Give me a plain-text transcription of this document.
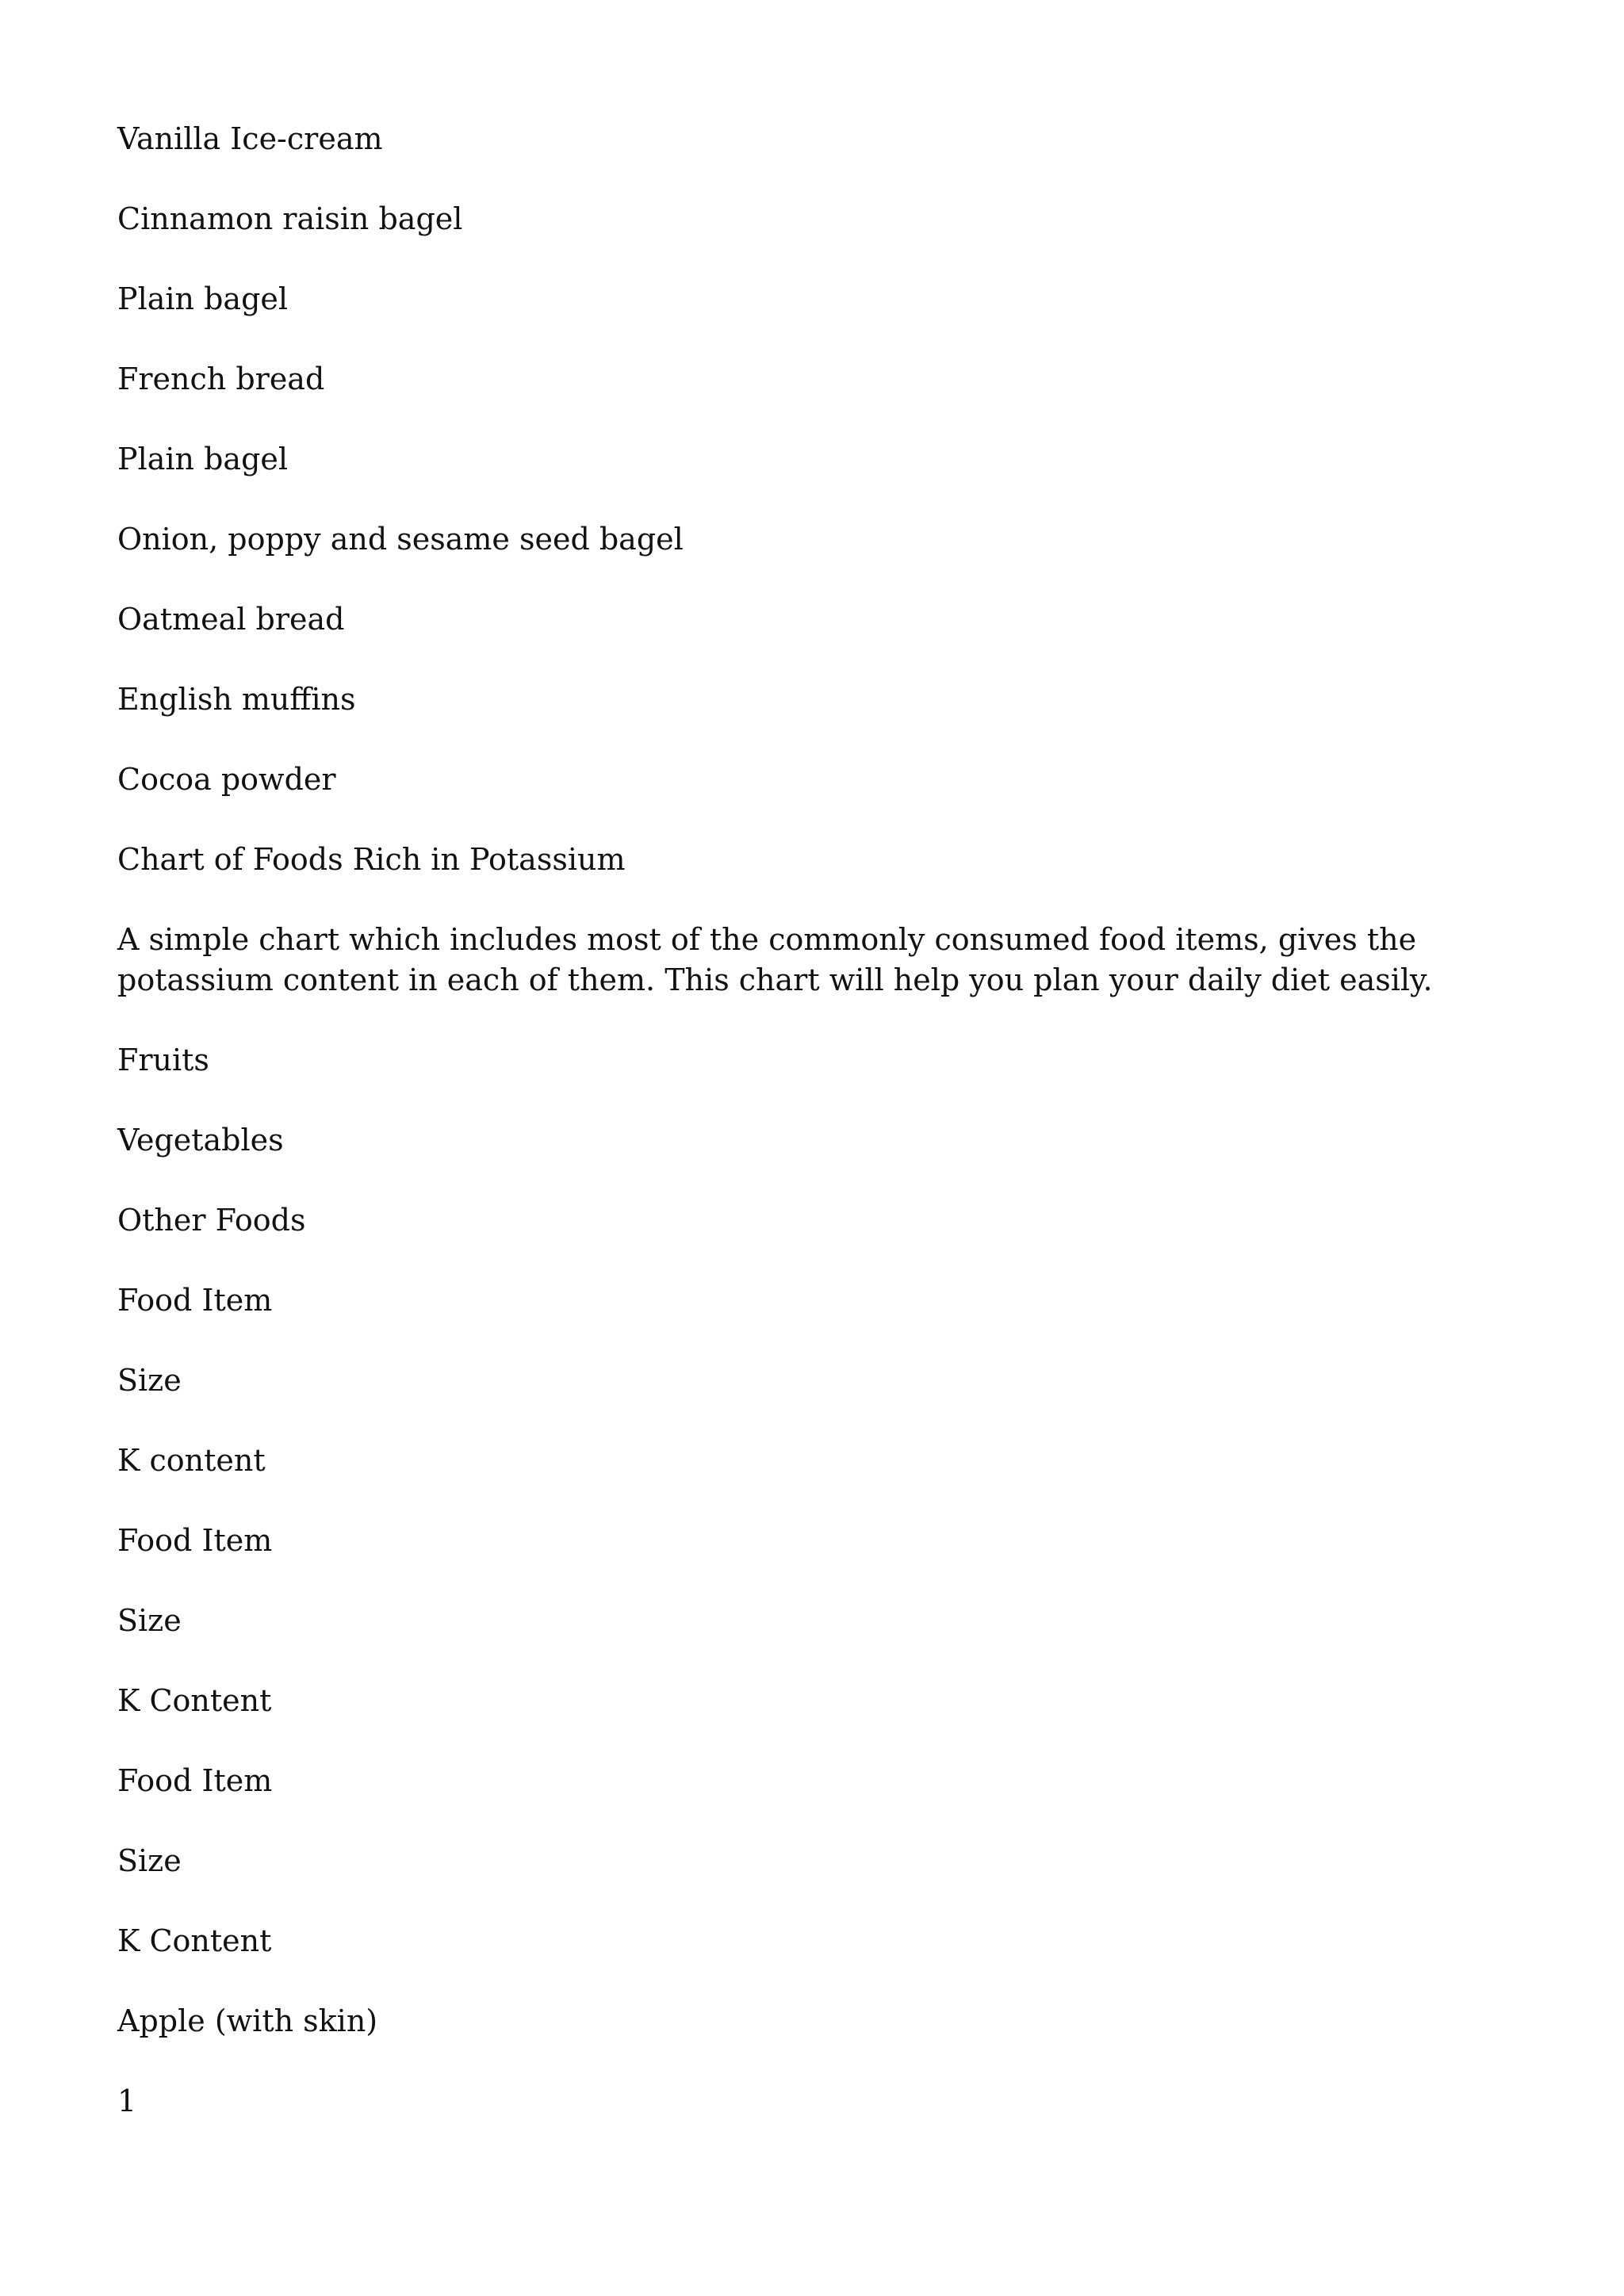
Vanilla Ice-cream

Cinnamon raisin bagel

Plain bagel

French bread

Plain bagel

Onion, poppy and sesame seed bagel

Oatmeal bread

English muffins

Cocoa powder

Chart of Foods Rich in Potassium

A simple chart which includes most of the commonly consumed food items, gives the potassium content in each of them. This chart will help you plan your daily diet easily.

Fruits

Vegetables

Other Foods

Food Item

Size

K content

Food Item

Size

K Content

Food Item

Size

K Content

Apple (with skin)

1
